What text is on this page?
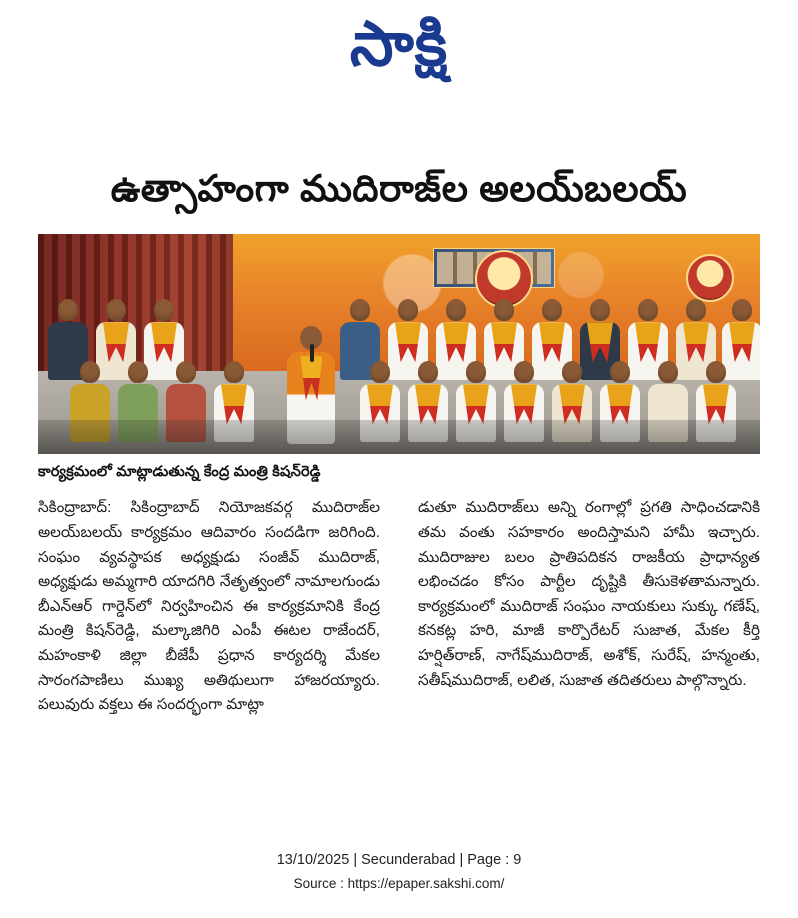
సాక్షి
ఉత్సాహంగా ముదిరాజ్‌ల అలయ్‌బలయ్
కార్యక్రమంలో మాట్లాడుతున్న కేంద్ర మంత్రి కిషన్‌రెడ్డి

సికింద్రాబాద్‌: సికింద్రాబాద్‌ నియోజకవర్గ ముదిరాజ్‌ల అలయ్‌బలయ్‌ కార్యక్రమం ఆదివారం సందడిగా జరిగింది. సంఘం వ్యవస్థాపక అధ్యక్షుడు సంజీవ్‌ ముదిరాజ్‌, అధ్యక్షుడు అమ్మగారి యాదగిరి నేతృత్వంలో నామాలగుండు బీఎన్‌ఆర్‌ గార్డెన్‌లో నిర్వహించిన ఈ కార్యక్రమానికి కేంద్ర మంత్రి కిషన్‌రెడ్డి, మల్కాజిగిరి ఎంపీ ఈటల రాజేందర్‌, మహంకాళి జిల్లా బీజేపీ ప్రధాన కార్యదర్శి మేకల సారంగపాణిలు ముఖ్య అతిథులుగా హాజరయ్యారు. పలువురు వక్తలు ఈ సందర్భంగా మాట్లా

డుతూ ముదిరాజ్‌లు అన్ని రంగాల్లో ప్రగతి సాధించడానికి తమ వంతు సహకారం అందిస్తామని హామీ ఇచ్చారు. ముదిరాజుల బలం ప్రాతిపదికన రాజకీయ ప్రాధాన్యత లభించడం కోసం పార్టీల దృష్టికి తీసుకెళతామన్నారు. కార్యక్రమంలో ముదిరాజ్‌ సంఘం నాయకులు సుక్కు గణేష్‌, కనకట్ల హరి, మాజీ కార్పొరేటర్‌ సుజాత, మేకల కీర్తి హర్షిత్‌రాణ్‌, నాగేష్‌ముదిరాజ్‌, అశోక్‌, సురేష్‌, హన్మంతు, సతీష్‌ముదిరాజ్‌, లలిత, సుజాత తదితరులు పాల్గొన్నారు.

13/10/2025 | Secunderabad | Page : 9
Source : https://epaper.sakshi.com/
